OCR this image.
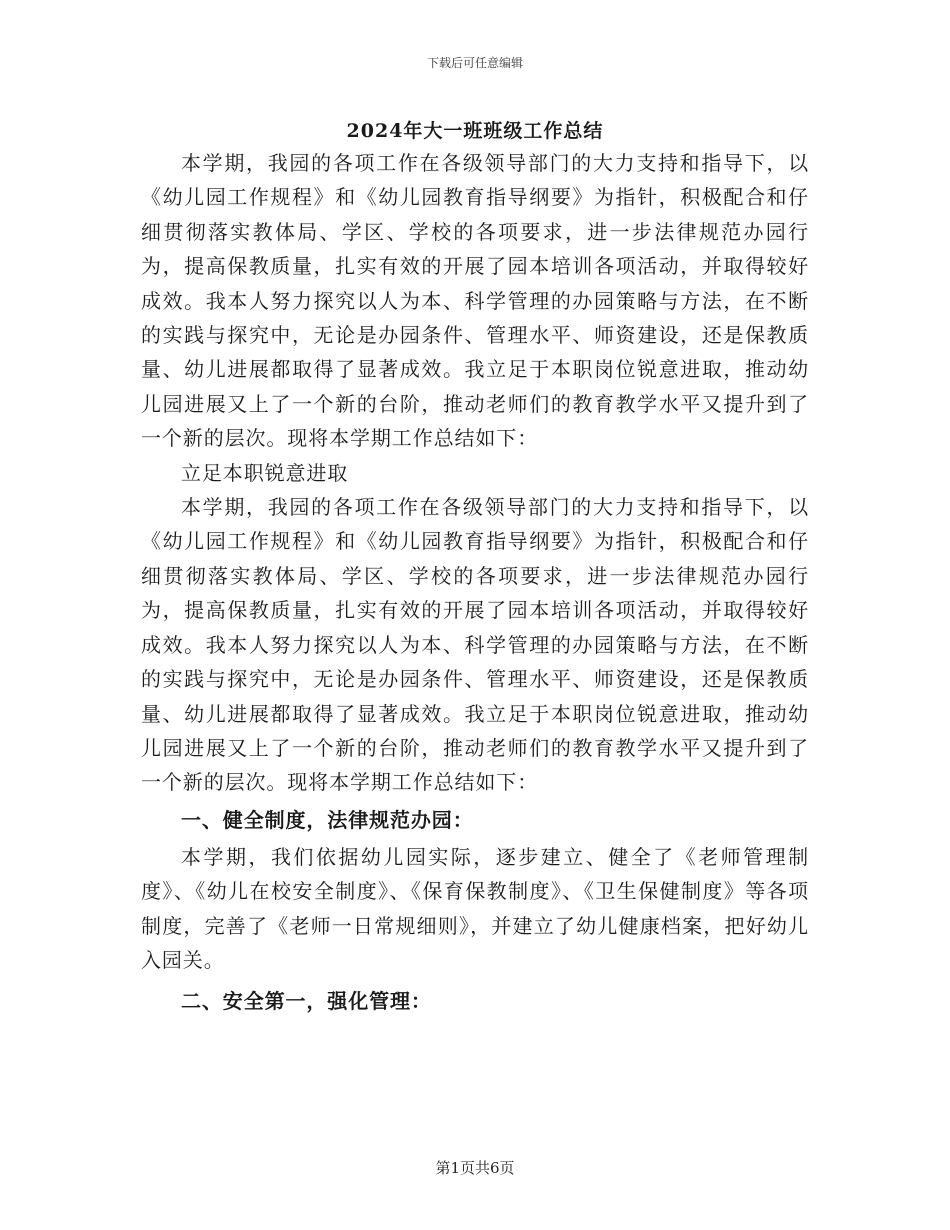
下载后可任意编辑
2024年大一班班级工作总结

本学期，我园的各项工作在各级领导部门的大力支持和指导下，以《幼儿园工作规程》和《幼儿园教育指导纲要》为指针，积极配合和仔细贯彻落实教体局、学区、学校的各项要求，进一步法律规范办园行为，提高保教质量，扎实有效的开展了园本培训各项活动，并取得较好成效。我本人努力探究以人为本、科学管理的办园策略与方法，在不断的实践与探究中，无论是办园条件、管理水平、师资建设，还是保教质量、幼儿进展都取得了显著成效。我立足于本职岗位锐意进取，推动幼儿园进展又上了一个新的台阶，推动老师们的教育教学水平又提升到了一个新的层次。现将本学期工作总结如下：

立足本职锐意进取

本学期，我园的各项工作在各级领导部门的大力支持和指导下，以《幼儿园工作规程》和《幼儿园教育指导纲要》为指针，积极配合和仔细贯彻落实教体局、学区、学校的各项要求，进一步法律规范办园行为，提高保教质量，扎实有效的开展了园本培训各项活动，并取得较好成效。我本人努力探究以人为本、科学管理的办园策略与方法，在不断的实践与探究中，无论是办园条件、管理水平、师资建设，还是保教质量、幼儿进展都取得了显著成效。我立足于本职岗位锐意进取，推动幼儿园进展又上了一个新的台阶，推动老师们的教育教学水平又提升到了一个新的层次。现将本学期工作总结如下：

一、健全制度，法律规范办园：

本学期，我们依据幼儿园实际，逐步建立、健全了《老师管理制度》、《幼儿在校安全制度》、《保育保教制度》、《卫生保健制度》等各项制度，完善了《老师一日常规细则》，并建立了幼儿健康档案，把好幼儿入园关。

二、安全第一，强化管理：

第1页共6页
